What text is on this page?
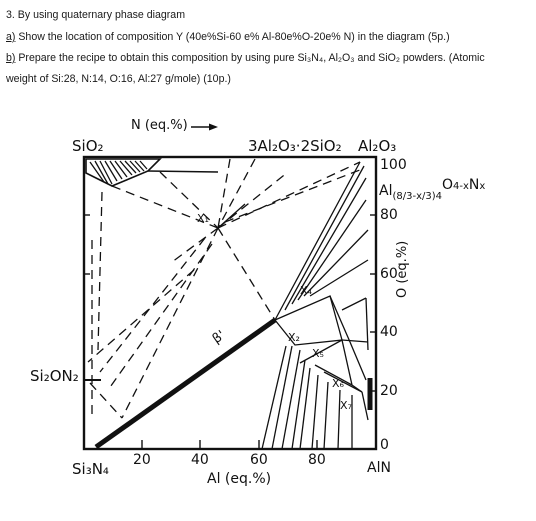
3. By using quaternary phase diagram
a) Show the location of composition Y (40e%Si-60 e% Al-80e%O-20e% N) in the diagram (5p.)
b) Prepare the recipe to obtain this composition by using pure Si₃N₄, Al₂O₃ and SiO₂ powders. (Atomic
weight of Si:28, N:14, O:16, Al:27 g/mole) (10p.)
N (eq.%)
SiO₂	3Al₂O₃·2SiO₂ Al₂O₃
Si₂ON₂
Si₃N₄	AlN
$Al_{(8/3-x/3)4}O^{4-x}N^x$
β'
X₁
X₄
X₂
X₅
X₆
X₇
20	40	60	80
Al (eq.%)
100
80
60
40
20
0
O (eq.%)
